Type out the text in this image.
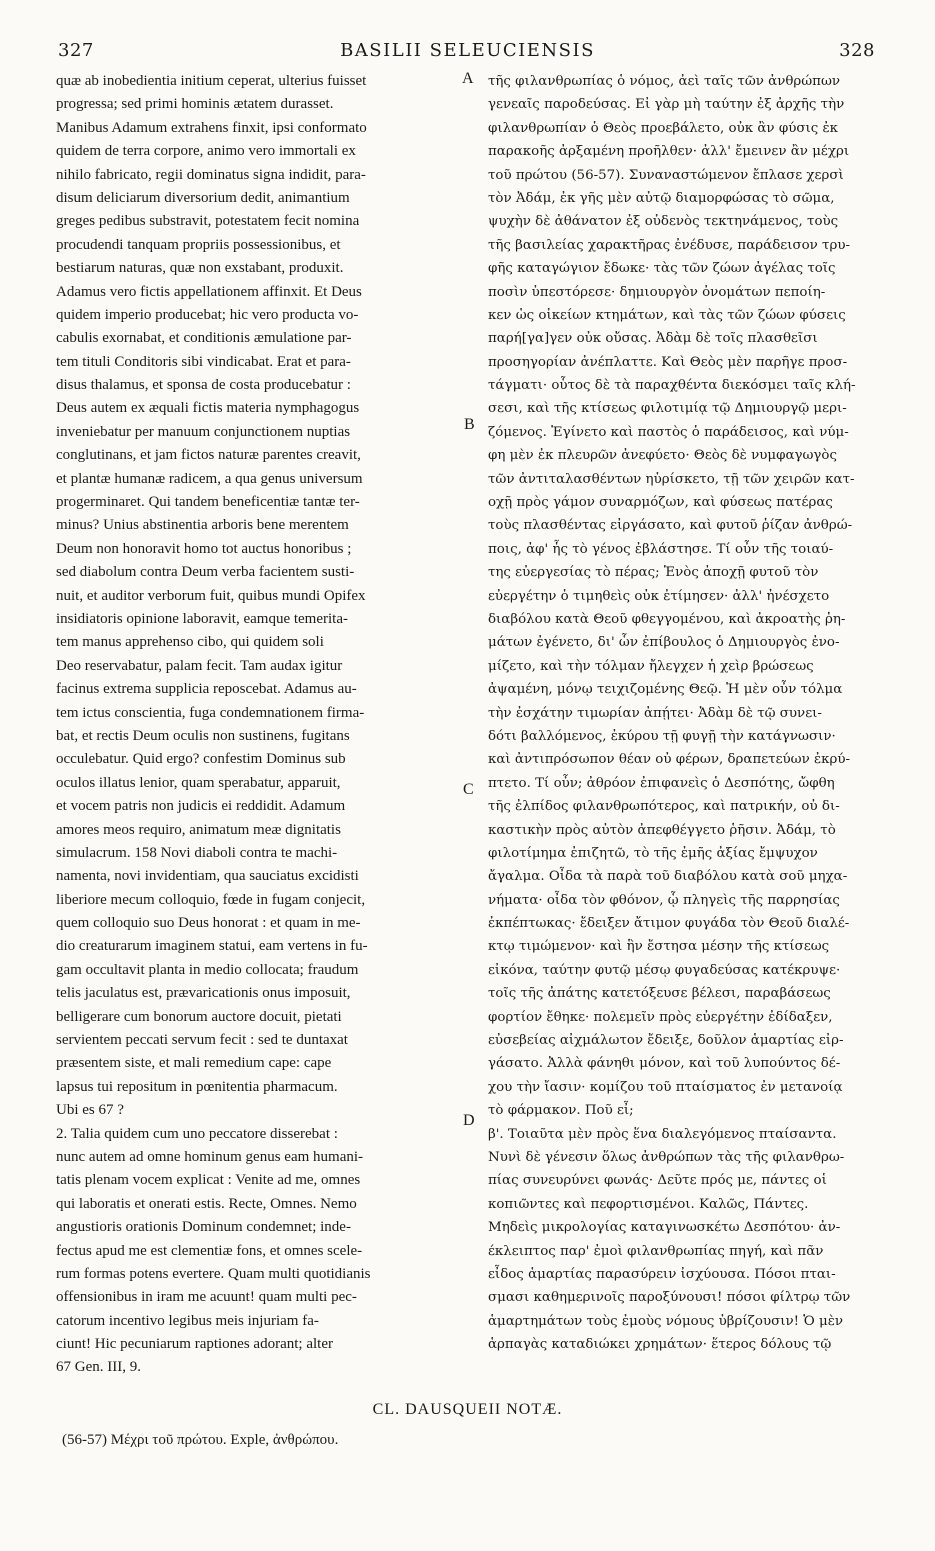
327	BASILII SELEUCIENSIS	328
quæ ab inobedientia initium ceperat, ulterius fuisset
progressa; sed primi hominis ætatem durasset.
Manibus Adamum extrahens finxit, ipsi conformato
quidem de terra corpore, animo vero immortali ex
nihilo fabricato, regii dominatus signa indidit, para-
disum deliciarum diversorium dedit, animantium
greges pedibus substravit, potestatem fecit nomina
procudendi tanquam propriis possessionibus, et
bestiarum naturas, quæ non exstabant, produxit.
Adamus vero fictis appellationem affinxit. Et Deus
quidem imperio producebat; hic vero producta vo-
cabulis exornabat, et conditionis æmulatione par-
tem tituli Conditoris sibi vindicabat. Erat et para-
disus thalamus, et sponsa de costa producebatur :
Deus autem ex æquali fictis materia nymphagogus
inveniebatur per manuum conjunctionem nuptias
conglutinans, et jam fictos naturæ parentes creavit,
et plantæ humanæ radicem, a qua genus universum
progerminaret. Qui tandem beneficentiæ tantæ ter-
minus? Unius abstinentia arboris bene merentem
Deum non honoravit homo tot auctus honoribus ;
sed diabolum contra Deum verba facientem susti-
nuit, et auditor verborum fuit, quibus mundi Opifex
insidiatoris opinione laboravit, eamque temerita-
tem manus apprehenso cibo, qui quidem soli
Deo reservabatur, palam fecit. Tam audax igitur
facinus extrema supplicia reposcebat. Adamus au-
tem ictus conscientia, fuga condemnationem firma-
bat, et rectis Deum oculis non sustinens, fugitans
occulebatur. Quid ergo? confestim Dominus sub
oculos illatus lenior, quam sperabatur, apparuit,
et vocem patris non judicis ei reddidit. Adamum
amores meos requiro, animatum meæ dignitatis
simulacrum. 158 Novi diaboli contra te machi-
namenta, novi invidentiam, qua sauciatus excidisti
liberiore mecum colloquio, fœde in fugam conjecit,
quem colloquio suo Deus honorat : et quam in me-
dio creaturarum imaginem statui, eam vertens in fu-
gam occultavit planta in medio collocata; fraudum
telis jaculatus est, prævaricationis onus imposuit,
belligerare cum bonorum auctore docuit, pietati
servientem peccati servum fecit : sed te duntaxat
præsentem siste, et mali remedium cape: cape
lapsus tui repositum in pœnitentia pharmacum.
Ubi es 67 ?
2. Talia quidem cum uno peccatore disserebat :
nunc autem ad omne hominum genus eam humani-
tatis plenam vocem explicat : Venite ad me, omnes
qui laboratis et onerati estis. Recte, Omnes. Nemo
angustioris orationis Dominum condemnet; inde-
fectus apud me est clementiæ fons, et omnes scele-
rum formas potens evertere. Quam multi quotidianis
offensionibus in iram me acuunt! quam multi pec-
catorum incentivo legibus meis injuriam fa-
ciunt! Hic pecuniarum raptiones adorant; alter
67 Gen. III, 9.
τῆς φιλανθρωπίας ὁ νόμος, ἀεὶ ταῖς τῶν ἀνθρώπων
γενεαῖς παροδεύσας. Εἰ γὰρ μὴ ταύτην ἐξ ἀρχῆς τὴν
φιλανθρωπίαν ὁ Θεὸς προεβάλετο, οὐκ ἂν φύσις ἐκ
παρακοῆς ἀρξαμένη προῆλθεν· ἀλλ' ἔμεινεν ἂν μέχρι
τοῦ πρώτου (56-57). Συναναστώμενον ἔπλασε χερσὶ
τὸν Ἀδάμ, ἐκ γῆς μὲν αὐτῷ διαμορφώσας τὸ σῶμα,
ψυχὴν δὲ ἀθάνατον ἐξ οὐδενὸς τεκτηνάμενος, τοὺς
τῆς βασιλείας χαρακτῆρας ἐνέδυσε, παράδεισον τρυ-
φῆς καταγώγιον ἔδωκε· τὰς τῶν ζώων ἀγέλας τοῖς
ποσὶν ὑπεστόρεσε· δημιουργὸν ὀνομάτων πεποίη-
κεν ὡς οἰκείων κτημάτων, καὶ τὰς τῶν ζώων φύσεις
παρή[γα]γεν οὐκ οὔσας. Ἀδὰμ δὲ τοῖς πλασθεῖσι
προσηγορίαν ἀνέπλαττε. Καὶ Θεὸς μὲν παρῆγε προσ-
τάγματι· οὗτος δὲ τὰ παραχθέντα διεκόσμει ταῖς κλή-
σεσι, καὶ τῆς κτίσεως φιλοτιμίᾳ τῷ Δημιουργῷ μερι-
ζόμενος. Ἐγίνετο καὶ παστὸς ὁ παράδεισος, καὶ νύμ-
φη μὲν ἐκ πλευρῶν ἀνεφύετο· Θεὸς δὲ νυμφαγωγὸς
τῶν ἀντιταλασθέντων ηὑρίσκετο, τῇ τῶν χειρῶν κατ-
οχῇ πρὸς γάμον συναρμόζων, καὶ φύσεως πατέρας
τοὺς πλασθέντας εἰργάσατο, καὶ φυτοῦ ῥίζαν ἀνθρώ-
ποις, ἀφ' ἧς τὸ γένος ἐβλάστησε. Τί οὖν τῆς τοιαύ-
της εὐεργεσίας τὸ πέρας; Ἑνὸς ἀποχῇ φυτοῦ τὸν
εὐεργέτην ὁ τιμηθεὶς οὐκ ἐτίμησεν· ἀλλ' ἠνέσχετο
διαβόλου κατὰ Θεοῦ φθεγγομένου, καὶ ἀκροατὴς ῥη-
μάτων ἐγένετο, δι' ὧν ἐπίβουλος ὁ Δημιουργὸς ἐνο-
μίζετο, καὶ τὴν τόλμαν ἤλεγχεν ἡ χεὶρ βρώσεως
ἀψαμένη, μόνῳ τειχιζομένης Θεῷ. Ἡ μὲν οὖν τόλμα
τὴν ἐσχάτην τιμωρίαν ἀπῄτει· Ἀδὰμ δὲ τῷ συνει-
δότι βαλλόμενος, ἐκύρου τῇ φυγῇ τὴν κατάγνωσιν·
καὶ ἀντιπρόσωπον θέαν οὐ φέρων, δραπετεύων ἐκρύ-
πτετο. Τί οὖν; ἀθρόον ἐπιφανεὶς ὁ Δεσπότης, ὤφθη
τῆς ἐλπίδος φιλανθρωπότερος, καὶ πατρικήν, οὐ δι-
καστικὴν πρὸς αὐτὸν ἀπεφθέγγετο ῥῆσιν. Ἀδάμ, τὸ
φιλοτίμημα ἐπιζητῶ, τὸ τῆς ἐμῆς ἀξίας ἔμψυχον
ἄγαλμα. Οἶδα τὰ παρὰ τοῦ διαβόλου κατὰ σοῦ μηχα-
νήματα· οἶδα τὸν φθόνον, ᾧ πληγεὶς τῆς παρρησίας
ἐκπέπτωκας· ἔδειξεν ἄτιμον φυγάδα τὸν Θεοῦ διαλέ-
κτῳ τιμώμενον· καὶ ἣν ἔστησα μέσην τῆς κτίσεως
εἰκόνα, ταύτην φυτῷ μέσῳ φυγαδεύσας κατέκρυψε·
τοῖς τῆς ἀπάτης κατετόξευσε βέλεσι, παραβάσεως
φορτίον ἔθηκε· πολεμεῖν πρὸς εὐεργέτην ἐδίδαξεν,
εὐσεβείας αἰχμάλωτον ἔδειξε, δοῦλον ἁμαρτίας εἰρ-
γάσατο. Ἀλλὰ φάνηθι μόνον, καὶ τοῦ λυπούντος δέ-
χου τὴν ἴασιν· κομίζου τοῦ πταίσματος ἐν μετανοίᾳ
τὸ φάρμακον. Ποῦ εἶ;
β'. Τοιαῦτα μὲν πρὸς ἕνα διαλεγόμενος πταίσαντα.
Νυνὶ δὲ γένεσιν ὅλως ἀνθρώπων τὰς τῆς φιλανθρω-
πίας συνευρύνει φωνάς· Δεῦτε πρός με, πάντες οἱ
κοπιῶντες καὶ πεφορτισμένοι. Καλῶς, Πάντες.
Μηδεὶς μικρολογίας καταγινωσκέτω Δεσπότου· ἀν-
έκλειπτος παρ' ἐμοὶ φιλανθρωπίας πηγή, καὶ πᾶν
εἶδος ἁμαρτίας παρασύρειν ἰσχύουσα. Πόσοι πται-
σμασι καθημερινοῖς παροξύνουσι! πόσοι φίλτρῳ τῶν
ἁμαρτημάτων τοὺς ἐμοὺς νόμους ὑβρίζουσιν! Ὁ μὲν
ἁρπαγὰς καταδιώκει χρημάτων· ἕτερος δόλους τῷ
A
B
C
D
CL. DAUSQUEII NOTÆ.
(56-57) Μέχρι τοῦ πρώτου. Exple, ἀνθρώπου.
